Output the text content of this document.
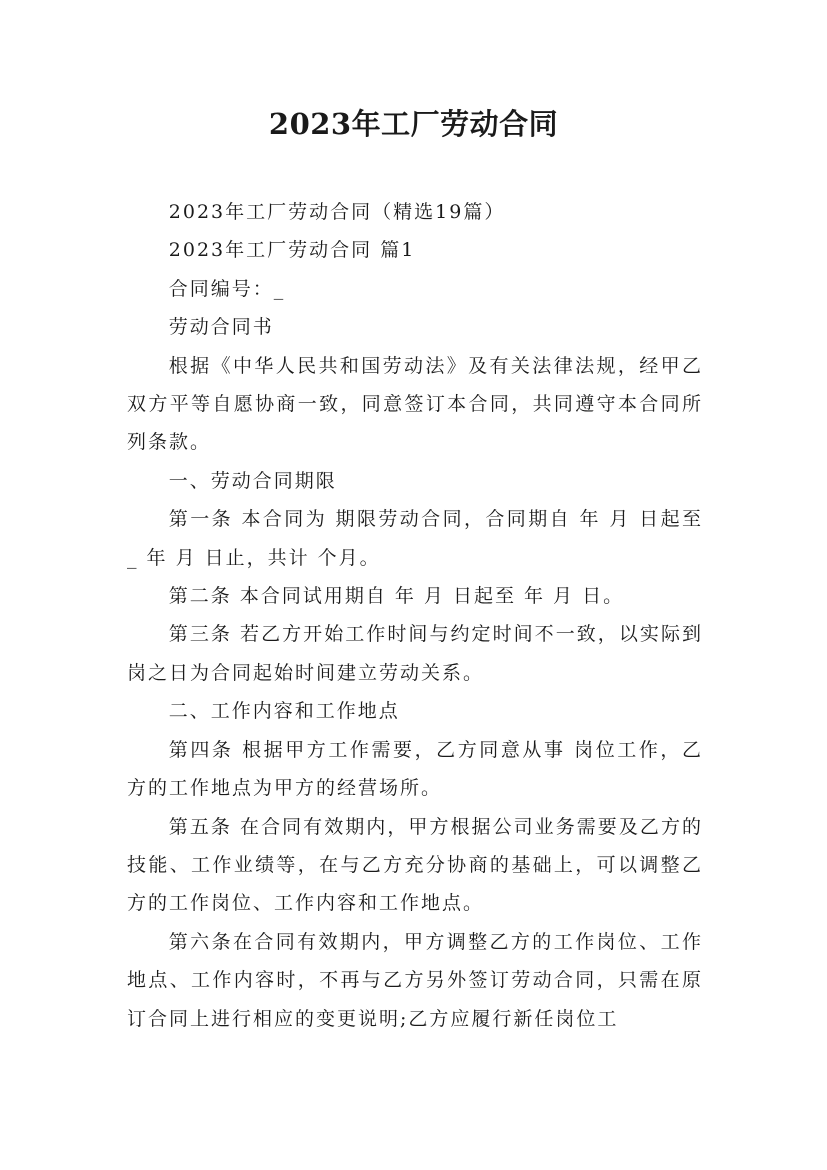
2023年工厂劳动合同

2023年工厂劳动合同（精选19篇）

2023年工厂劳动合同 篇1

合同编号：_

劳动合同书

根据《中华人民共和国劳动法》及有关法律法规，经甲乙双方平等自愿协商一致，同意签订本合同，共同遵守本合同所列条款。

一、劳动合同期限

第一条 本合同为 期限劳动合同，合同期自 年 月 日起至 _ 年 月 日止，共计 个月。

第二条 本合同试用期自 年 月 日起至 年 月 日。

第三条 若乙方开始工作时间与约定时间不一致，以实际到岗之日为合同起始时间建立劳动关系。

二、工作内容和工作地点

第四条 根据甲方工作需要，乙方同意从事 岗位工作，乙方的工作地点为甲方的经营场所。

第五条 在合同有效期内，甲方根据公司业务需要及乙方的技能、工作业绩等，在与乙方充分协商的基础上，可以调整乙方的工作岗位、工作内容和工作地点。

第六条在合同有效期内，甲方调整乙方的工作岗位、工作地点、工作内容时，不再与乙方另外签订劳动合同，只需在原订合同上进行相应的变更说明;乙方应履行新任岗位工
